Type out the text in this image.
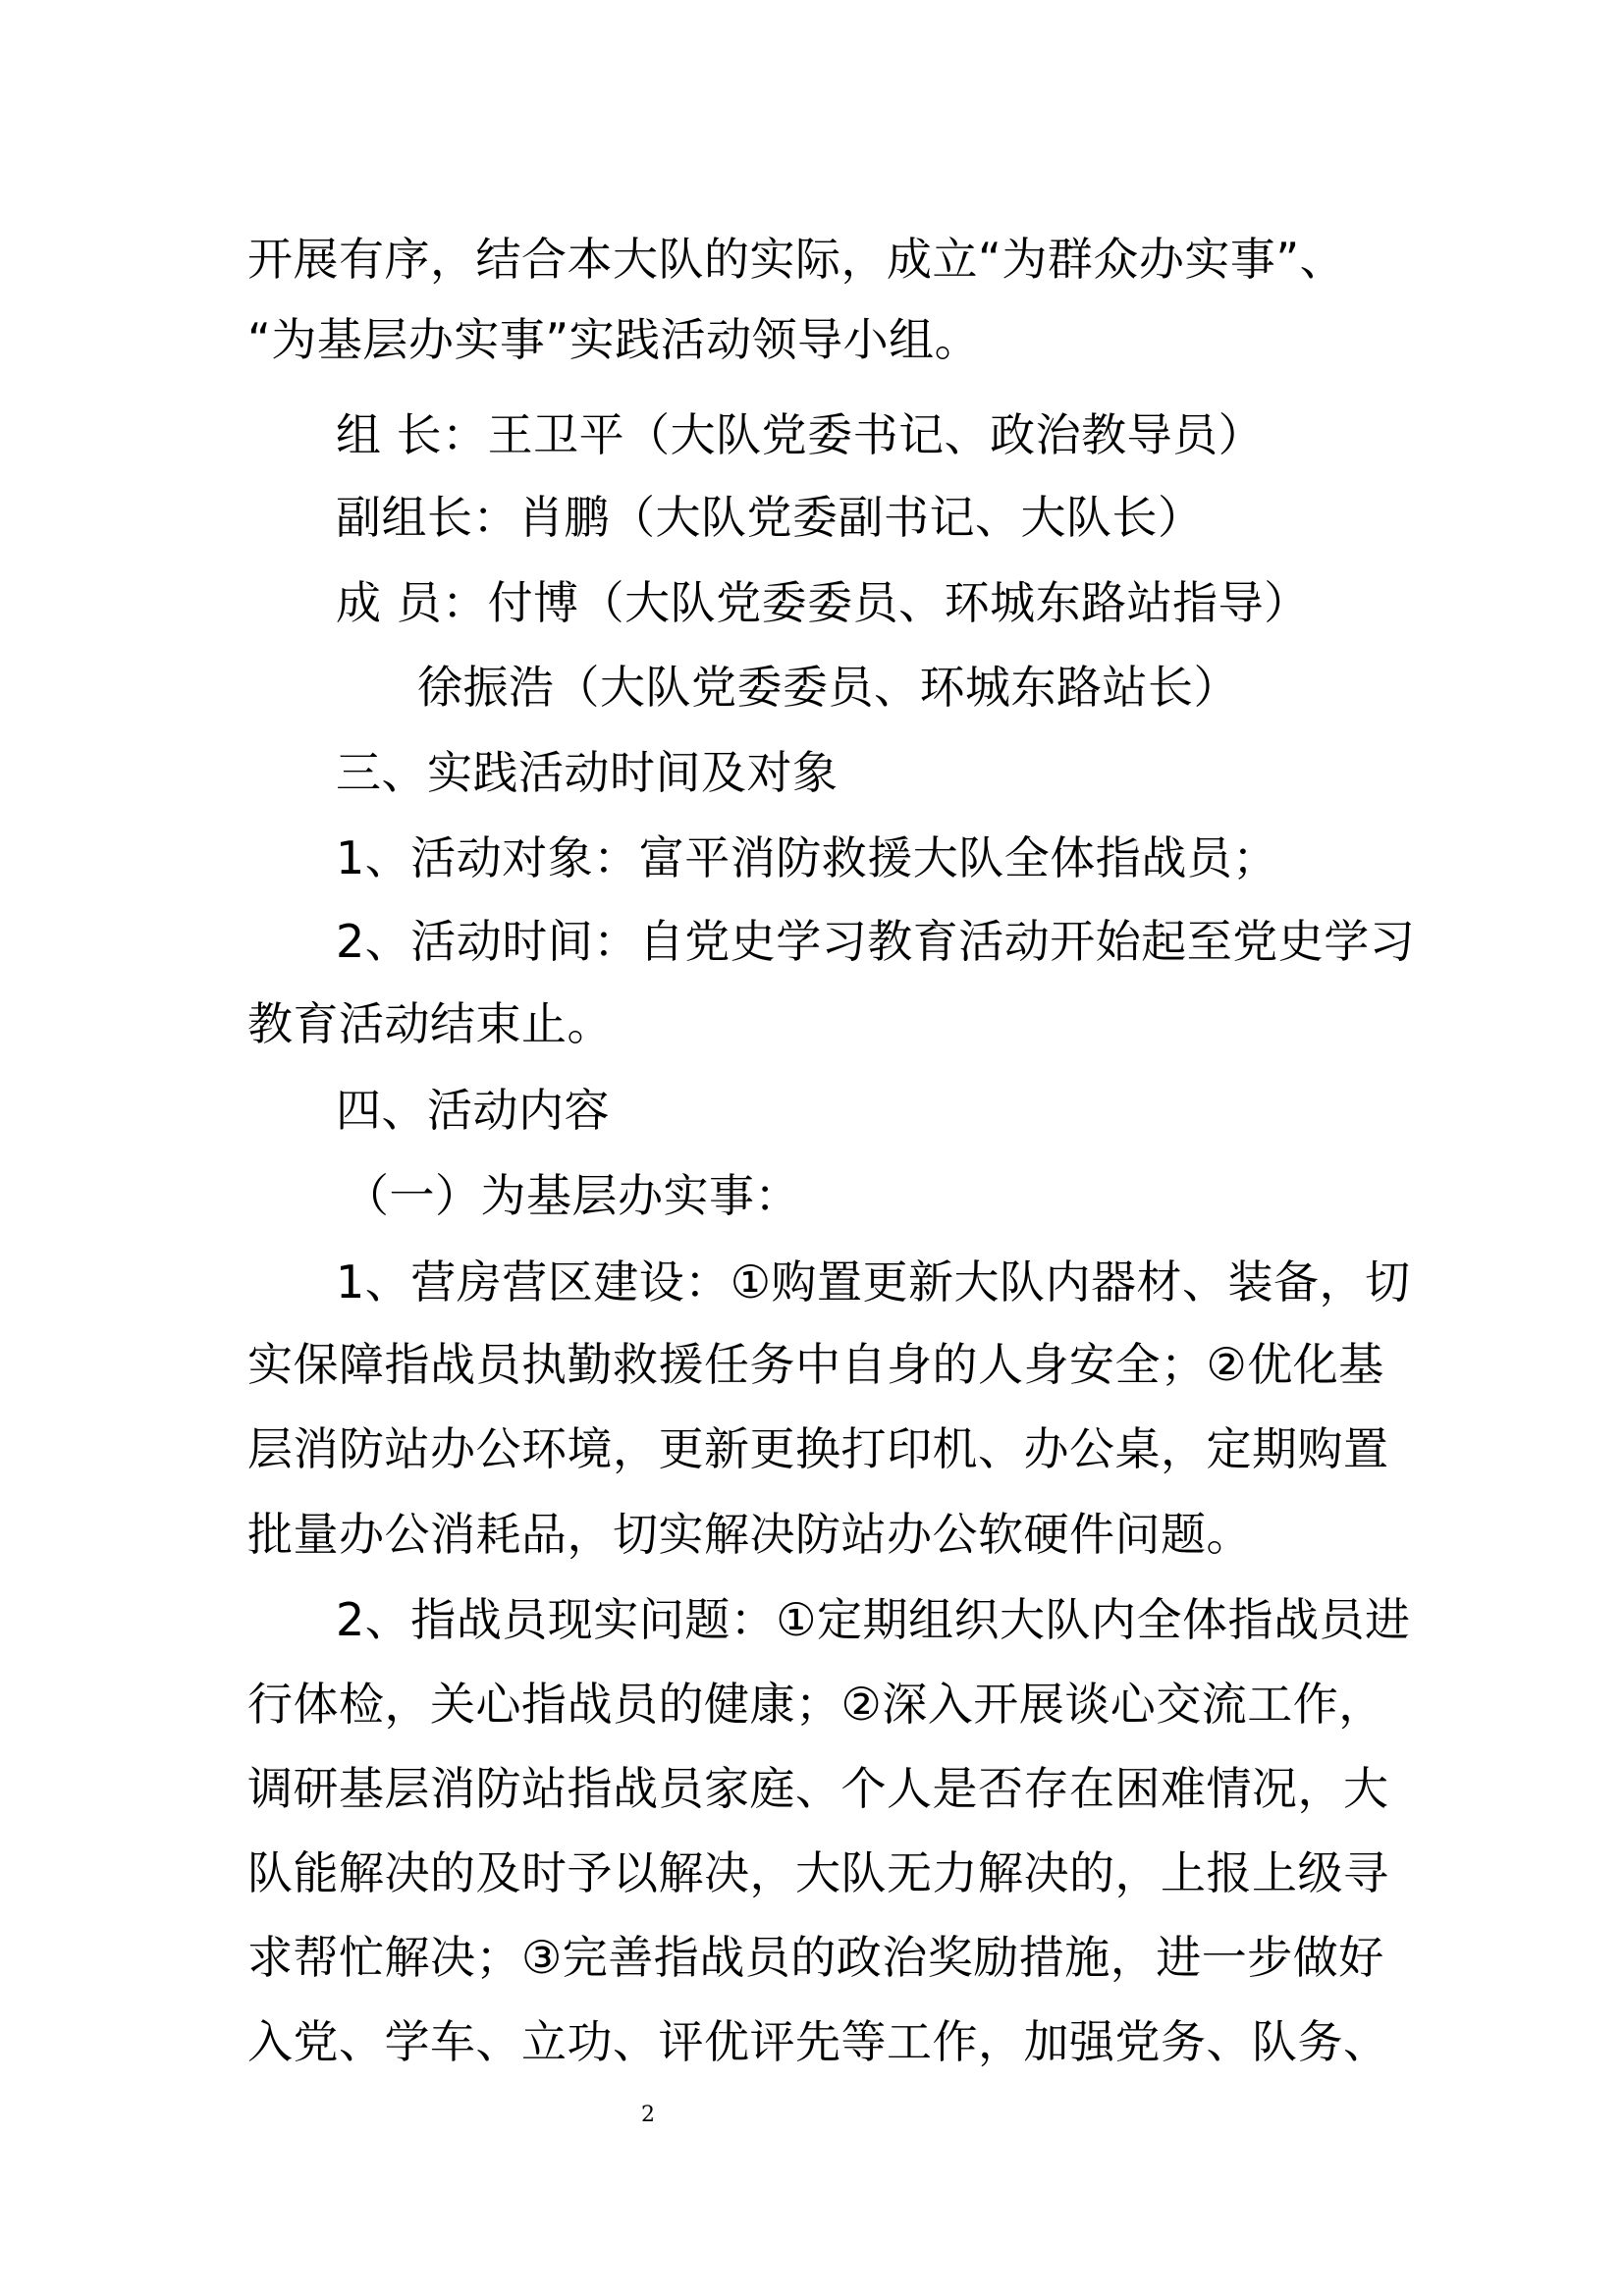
开展有序，结合本大队的实际，成立“为群众办实事”、
“为基层办实事”实践活动领导小组。
组 长：王卫平（大队党委书记、政治教导员）
副组长：肖鹏（大队党委副书记、大队长）
成 员：付博（大队党委委员、环城东路站指导）
徐振浩（大队党委委员、环城东路站长）
三、实践活动时间及对象
1、活动对象：富平消防救援大队全体指战员；
2、活动时间：自党史学习教育活动开始起至党史学习
教育活动结束止。
四、活动内容
（一）为基层办实事：
1、营房营区建设：①购置更新大队内器材、装备，切
实保障指战员执勤救援任务中自身的人身安全；②优化基
层消防站办公环境，更新更换打印机、办公桌，定期购置
批量办公消耗品，切实解决防站办公软硬件问题。
2、指战员现实问题：①定期组织大队内全体指战员进
行体检，关心指战员的健康；②深入开展谈心交流工作，
调研基层消防站指战员家庭、个人是否存在困难情况，大
队能解决的及时予以解决，大队无力解决的，上报上级寻
求帮忙解决；③完善指战员的政治奖励措施，进一步做好
入党、学车、立功、评优评先等工作，加强党务、队务、
2
